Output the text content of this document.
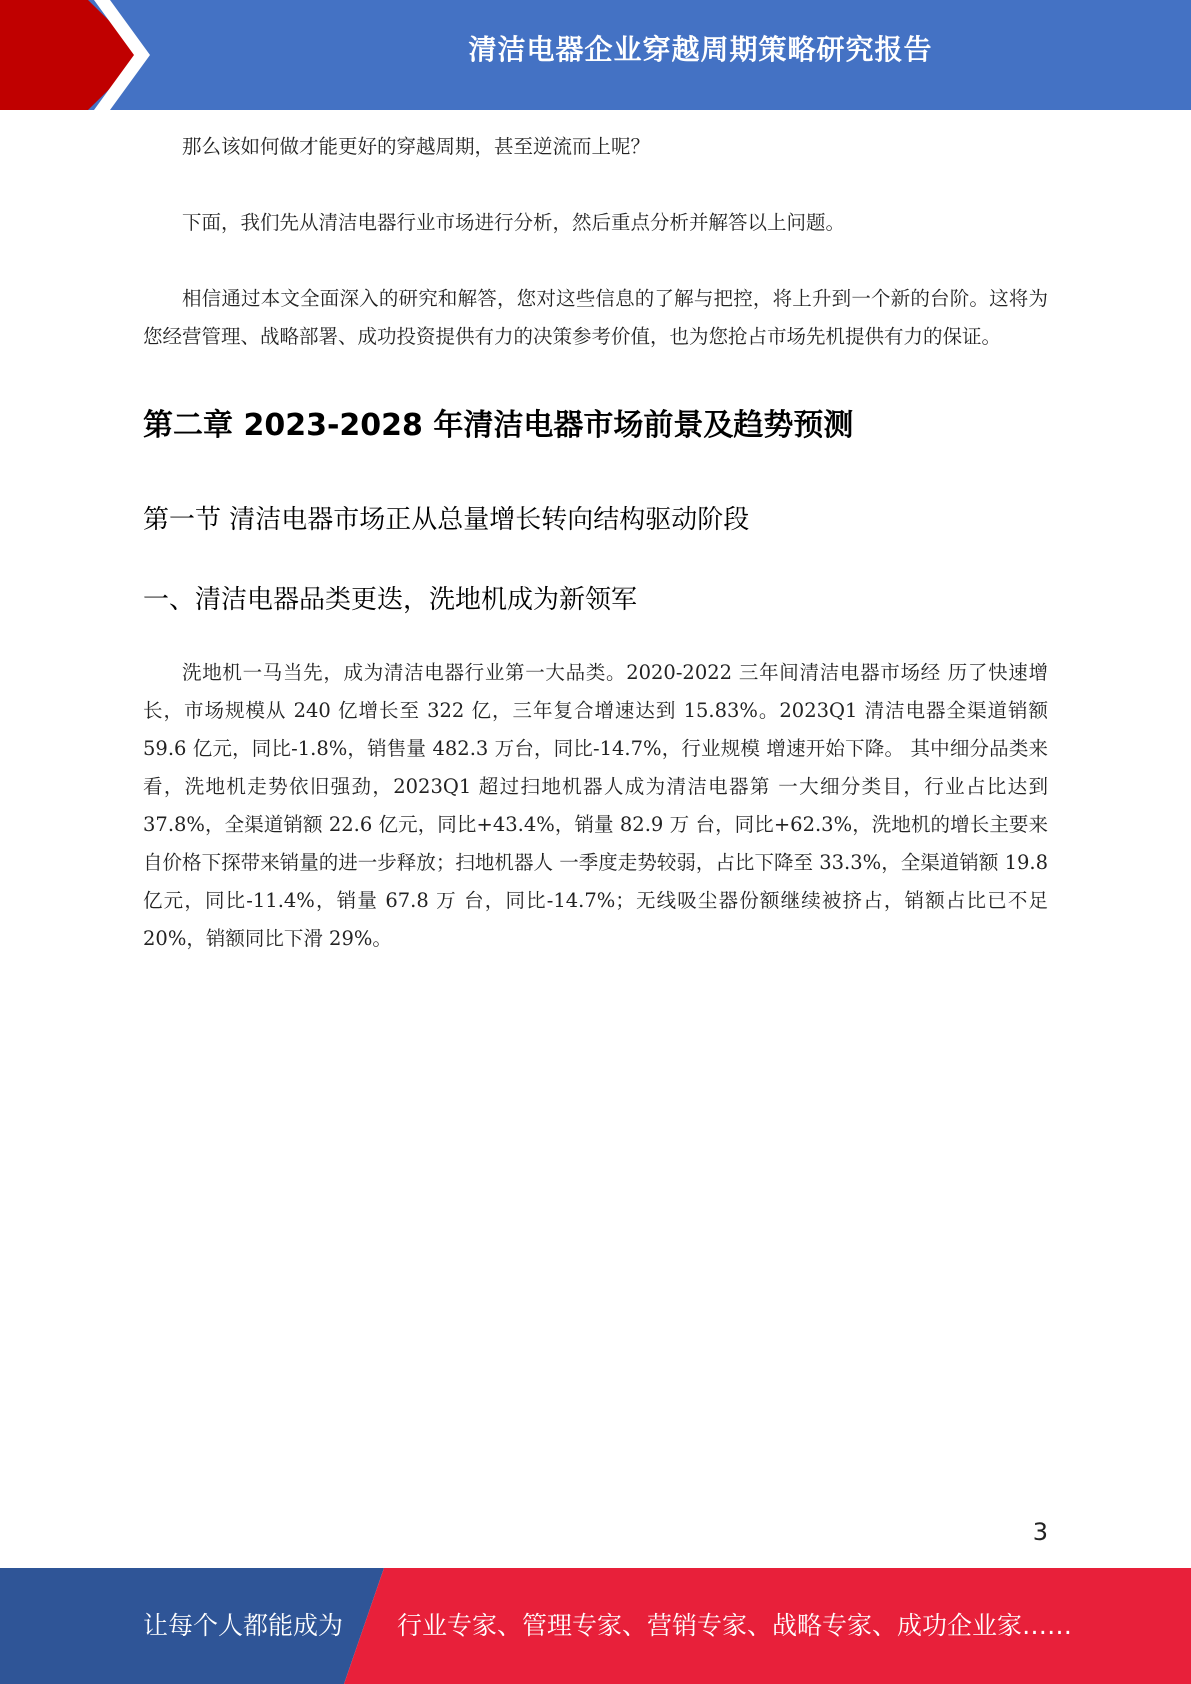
清洁电器企业穿越周期策略研究报告

那么该如何做才能更好的穿越周期，甚至逆流而上呢？

下面，我们先从清洁电器行业市场进行分析，然后重点分析并解答以上问题。

相信通过本文全面深入的研究和解答，您对这些信息的了解与把控，将上升到一个新的台阶。这将为您经营管理、战略部署、成功投资提供有力的决策参考价值，也为您抢占市场先机提供有力的保证。

第二章 2023-2028 年清洁电器市场前景及趋势预测
第一节 清洁电器市场正从总量增长转向结构驱动阶段
一、清洁电器品类更迭，洗地机成为新领军

洗地机一马当先，成为清洁电器行业第一大品类。2020-2022 三年间清洁电器市场经 历了快速增长，市场规模从 240 亿增长至 322 亿，三年复合增速达到 15.83%。2023Q1 清洁电器全渠道销额 59.6 亿元，同比-1.8%，销售量 482.3 万台，同比-14.7%，行业规模 增速开始下降。 其中细分品类来看，洗地机走势依旧强劲，2023Q1 超过扫地机器人成为清洁电器第 一大细分类目，行业占比达到 37.8%，全渠道销额 22.6 亿元，同比+43.4%，销量 82.9 万 台，同比+62.3%，洗地机的增长主要来自价格下探带来销量的进一步释放；扫地机器人 一季度走势较弱，占比下降至 33.3%，全渠道销额 19.8 亿元，同比-11.4%，销量 67.8 万 台，同比-14.7%；无线吸尘器份额继续被挤占，销额占比已不足 20%，销额同比下滑 29%。

3
让每个人都能成为 行业专家、管理专家、营销专家、战略专家、成功企业家……
